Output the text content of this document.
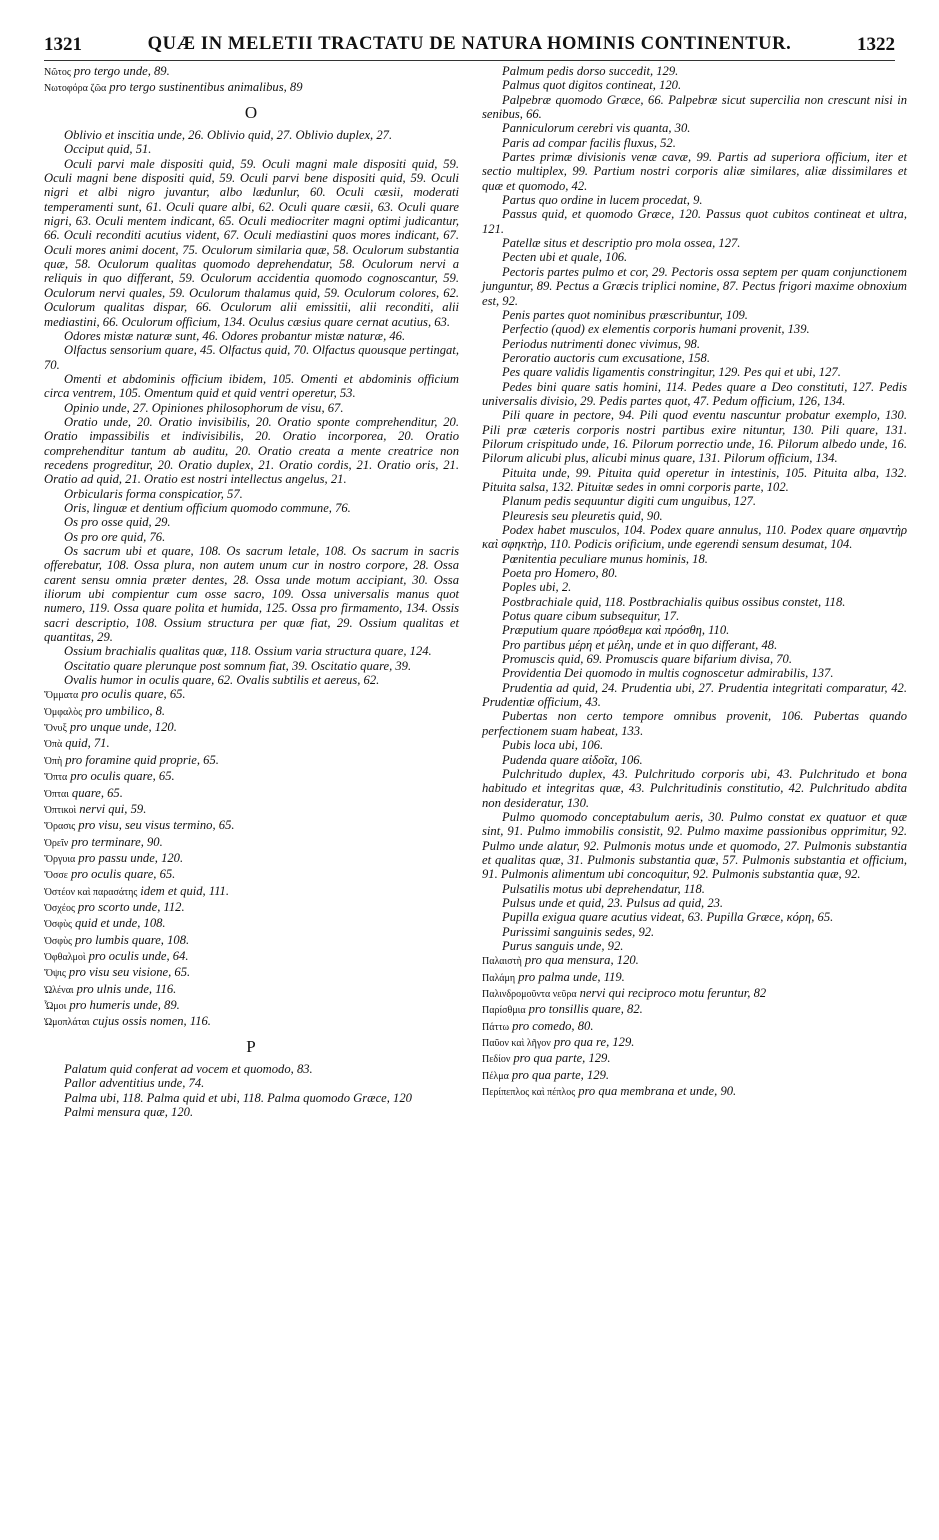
1321	QUÆ IN MELETII TRACTATU DE NATURA HOMINIS CONTINENTUR.	1322

Νῶτος pro tergo unde, 89.

Νωτοφόρα ζῶα pro tergo sustinentibus animalibus, 89

O

Oblivio et inscitia unde, 26. Oblivio quid, 27. Oblivio duplex, 27.

Occiput quid, 51.

Oculi parvi male dispositi quid, 59. Oculi magni male dispositi quid, 59. Oculi magni bene dispositi quid, 59. Oculi parvi bene dispositi quid, 59. Oculi nigri et albi nigro juvantur, albo lædunlur, 60. Oculi cæsii, moderati temperamenti sunt, 61. Oculi quare albi, 62. Oculi quare cæsii, 63. Oculi quare nigri, 63. Oculi mentem indicant, 65. Oculi mediocriter magni optimi judicantur, 66. Oculi reconditi acutius vident, 67. Oculi mediastini quos mores indicant, 67. Oculi mores animi docent, 75. Oculorum similaria quæ, 58. Oculorum substantia quæ, 58. Oculorum qualitas quomodo deprehendatur, 58. Oculorum nervi a reliquis in quo differant, 59. Oculorum accidentia quomodo cognoscantur, 59. Oculorum nervi quales, 59. Oculorum thalamus quid, 59. Oculorum colores, 62. Oculorum qualitas dispar, 66. Oculorum alii emissitii, alii reconditi, alii mediastini, 66. Oculorum officium, 134. Oculus cæsius quare cernat acutius, 63.

Odores mistæ naturæ sunt, 46. Odores probantur mistæ naturæ, 46.

Olfactus sensorium quare, 45. Olfactus quid, 70. Olfactus quousque pertingat, 70.

Omenti et abdominis officium ibidem, 105. Omenti et abdominis officium circa ventrem, 105. Omentum quid et quid ventri operetur, 53.

Opinio unde, 27. Opiniones philosophorum de visu, 67.

Oratio unde, 20. Oratio invisibilis, 20. Oratio sponte comprehenditur, 20. Oratio impassibilis et indivisibilis, 20. Oratio incorporea, 20. Oratio comprehenditur tantum ab auditu, 20. Oratio creata a mente creatrice non recedens progreditur, 20. Oratio duplex, 21. Oratio cordis, 21. Oratio oris, 21. Oratio ad quid, 21. Oratio est nostri intellectus angelus, 21.

Orbicularis forma conspicatior, 57.

Oris, linguæ et dentium officium quomodo commune, 76.

Os pro osse quid, 29.

Os pro ore quid, 76.

Os sacrum ubi et quare, 108. Os sacrum letale, 108. Os sacrum in sacris offerebatur, 108. Ossa plura, non autem unum cur in nostro corpore, 28. Ossa carent sensu omnia præter dentes, 28. Ossa unde motum accipiant, 30. Ossa iliorum ubi compientur cum osse sacro, 109. Ossa universalis manus quot numero, 119. Ossa quare polita et humida, 125. Ossa pro firmamento, 134. Ossis sacri descriptio, 108. Ossium structura per quæ fiat, 29. Ossium qualitas et quantitas, 29.

Ossium brachialis qualitas quæ, 118. Ossium varia structura quare, 124.

Oscitatio quare plerunque post somnum fiat, 39. Oscitatio quare, 39.

Ovalis humor in oculis quare, 62. Ovalis subtilis et aereus, 62.

Ὄμματα pro oculis quare, 65.

Ὀμφαλὸς pro umbilico, 8.

Ὄνυξ pro unque unde, 120.

Ὀπὰ quid, 71.

Ὀπὴ pro foramine quid proprie, 65.

Ὄπτα pro oculis quare, 65.

Ὀπται quare, 65.

Ὀπτικοὶ nervi qui, 59.

Ὅρασις pro visu, seu visus termino, 65.

Ὁρεῖν pro terminare, 90.

Ὄργυια pro passu unde, 120.

Ὄσσε pro oculis quare, 65.

Ὀστέον καὶ παρασάτης idem et quid, 111.

Ὀσχέος pro scorto unde, 112.

Ὀσφὺς quid et unde, 108.

Ὀσφὺς pro lumbis quare, 108.

Ὀφθαλμοὶ pro oculis unde, 64.

Ὄψις pro visu seu visione, 65.

Ὠλέναι pro ulnis unde, 116.

Ὦμοι pro humeris unde, 89.

Ὠμοπλάται cujus ossis nomen, 116.

P

Palatum quid conferat ad vocem et quomodo, 83.

Pallor adventitius unde, 74.

Palma ubi, 118. Palma quid et ubi, 118. Palma quomodo Græce, 120

Palmi mensura quæ, 120.

Palmum pedis dorso succedit, 129.

Palmus quot digitos contineat, 120.

Palpebræ quomodo Græce, 66. Palpebræ sicut supercilia non crescunt nisi in senibus, 66.

Panniculorum cerebri vis quanta, 30.

Paris ad compar facilis fluxus, 52.

Partes primæ divisionis venæ cavæ, 99. Partis ad superiora officium, iter et sectio multiplex, 99. Partium nostri corporis aliæ similares, aliæ dissimilares et quæ et quomodo, 42.

Partus quo ordine in lucem procedat, 9.

Passus quid, et quomodo Græce, 120. Passus quot cubitos contineat et ultra, 121.

Patellæ situs et descriptio pro mola ossea, 127.

Pecten ubi et quale, 106.

Pectoris partes pulmo et cor, 29. Pectoris ossa septem per quam conjunctionem junguntur, 89. Pectus a Græcis triplici nomine, 87. Pectus frigori maxime obnoxium est, 92.

Penis partes quot nominibus præscribuntur, 109.

Perfectio (quod) ex elementis corporis humani provenit, 139.

Periodus nutrimenti donec vivimus, 98.

Peroratio auctoris cum excusatione, 158.

Pes quare validis ligamentis constringitur, 129. Pes qui et ubi, 127.

Pedes bini quare satis homini, 114. Pedes quare a Deo constituti, 127. Pedis universalis divisio, 29. Pedis partes quot, 47. Pedum officium, 126, 134.

Pili quare in pectore, 94. Pili quod eventu nascuntur probatur exemplo, 130. Pili præ cæteris corporis nostri partibus exire nituntur, 130. Pili quare, 131. Pilorum crispitudo unde, 16. Pilorum porrectio unde, 16. Pilorum albedo unde, 16. Pilorum alicubi plus, alicubi minus quare, 131. Pilorum officium, 134.

Pituita unde, 99. Pituita quid operetur in intestinis, 105. Pituita alba, 132. Pituita salsa, 132. Pituitæ sedes in omni corporis parte, 102.

Planum pedis sequuntur digiti cum unguibus, 127.

Pleuresis seu pleuretis quid, 90.

Podex habet musculos, 104. Podex quare annulus, 110. Podex quare σημαντὴρ καὶ σφηκτὴρ, 110. Podicis orificium, unde egerendi sensum desumat, 104.

Pœnitentia peculiare munus hominis, 18.

Poeta pro Homero, 80.

Poples ubi, 2.

Postbrachiale quid, 118. Postbrachialis quibus ossibus constet, 118.

Potus quare cibum subsequitur, 17.

Præputium quare πρόσθεμα καὶ πρόσθη, 110.

Pro partibus μέρη et μέλη, unde et in quo differant, 48.

Promuscis quid, 69. Promuscis quare bifarium divisa, 70.

Providentia Dei quomodo in multis cognoscetur admirabilis, 137.

Prudentia ad quid, 24. Prudentia ubi, 27. Prudentia integritati comparatur, 42. Prudentiæ officium, 43.

Pubertas non certo tempore omnibus provenit, 106. Pubertas quando perfectionem suam habeat, 133.

Pubis loca ubi, 106.

Pudenda quare αἰδοῖα, 106.

Pulchritudo duplex, 43. Pulchritudo corporis ubi, 43. Pulchritudo et bona habitudo et integritas quæ, 43. Pulchritudinis constitutio, 42. Pulchritudo abdita non desideratur, 130.

Pulmo quomodo conceptabulum aeris, 30. Pulmo constat ex quatuor et quæ sint, 91. Pulmo immobilis consistit, 92. Pulmo maxime passionibus opprimitur, 92. Pulmo unde alatur, 92. Pulmonis motus unde et quomodo, 27. Pulmonis substantia et qualitas quæ, 31. Pulmonis substantia quæ, 57. Pulmonis substantia et officium, 91. Pulmonis alimentum ubi concoquitur, 92. Pulmonis substantia quæ, 92.

Pulsatilis motus ubi deprehendatur, 118.

Pulsus unde et quid, 23. Pulsus ad quid, 23.

Pupilla exigua quare acutius videat, 63. Pupilla Græce, κόρη, 65.

Purissimi sanguinis sedes, 92.

Purus sanguis unde, 92.

Παλαιστὴ pro qua mensura, 120.

Παλάμη pro palma unde, 119.

Παλινδρομοῦντα νεῦρα nervi qui reciproco motu feruntur, 82

Παρίσθμια pro tonsillis quare, 82.

Πάττω pro comedo, 80.

Παῦον καὶ λῆγον pro qua re, 129.

Πεδίον pro qua parte, 129.

Πέλμα pro qua parte, 129.

Περίπεπλος καὶ πέπλος pro qua membrana et unde, 90.
